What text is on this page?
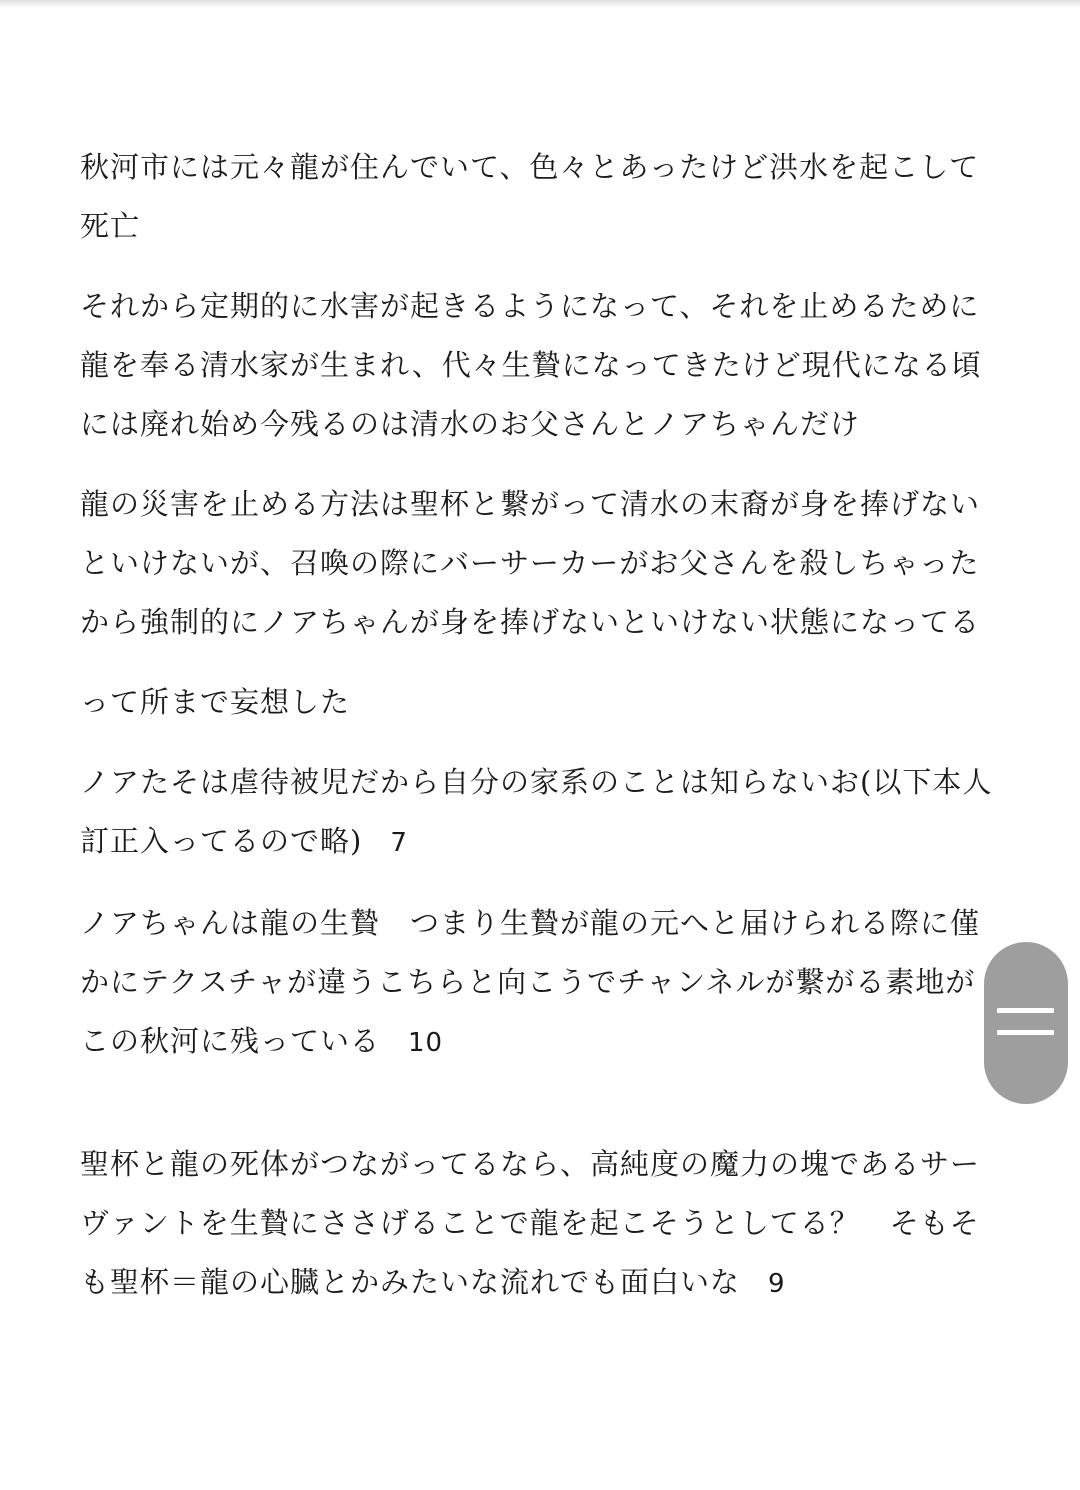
秋河市には元々龍が住んでいて、色々とあったけど洪水を起こして死亡

それから定期的に水害が起きるようになって、それを止めるために龍を奉る清水家が生まれ、代々生贄になってきたけど現代になる頃には廃れ始め今残るのは清水のお父さんとノアちゃんだけ

龍の災害を止める方法は聖杯と繋がって清水の末裔が身を捧げないといけないが、召喚の際にバーサーカーがお父さんを殺しちゃったから強制的にノアちゃんが身を捧げないといけない状態になってる

って所まで妄想した

ノアたそは虐待被児だから自分の家系のことは知らないお(以下本人訂正入ってるので略) 7

ノアちゃんは龍の生贄　つまり生贄が龍の元へと届けられる際に僅かにテクスチャが違うこちらと向こうでチャンネルが繋がる素地がこの秋河に残っている 10

聖杯と龍の死体がつながってるなら、高純度の魔力の塊であるサーヴァントを生贄にささげることで龍を起こそうとしてる？　そもそも聖杯＝龍の心臓とかみたいな流れでも面白いな 9
